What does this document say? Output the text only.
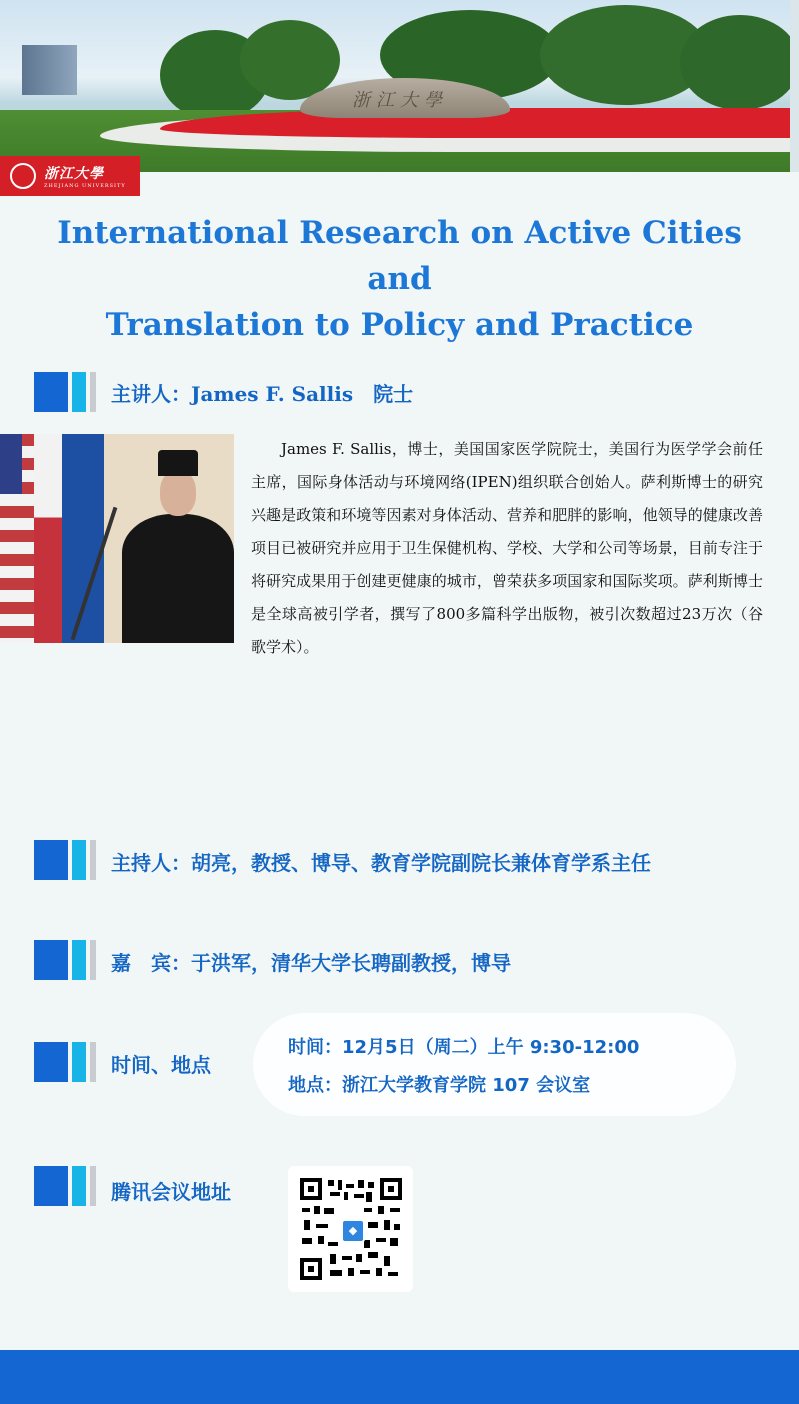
浙江大學
浙江大學
ZHEJIANG UNIVERSITY
International Research on Active Cities and
Translation to Policy and Practice
主讲人：James F. Sallis　院士

James F. Sallis，博士，美国国家医学院院士，美国行为医学学会前任主席，国际身体活动与环境网络(IPEN)组织联合创始人。萨利斯博士的研究兴趣是政策和环境等因素对身体活动、营养和肥胖的影响，他领导的健康改善项目已被研究并应用于卫生保健机构、学校、大学和公司等场景，目前专注于将研究成果用于创建更健康的城市，曾荣获多项国家和国际奖项。萨利斯博士是全球高被引学者，撰写了800多篇科学出版物，被引次数超过23万次（谷歌学术）。

主持人：胡亮，教授、博导、教育学院副院长兼体育学系主任
嘉　宾：于洪军，清华大学长聘副教授，博导
时间、地点
时间：12月5日（周二）上午 9:30-12:00
地点：浙江大学教育学院 107 会议室
腾讯会议地址
◆
